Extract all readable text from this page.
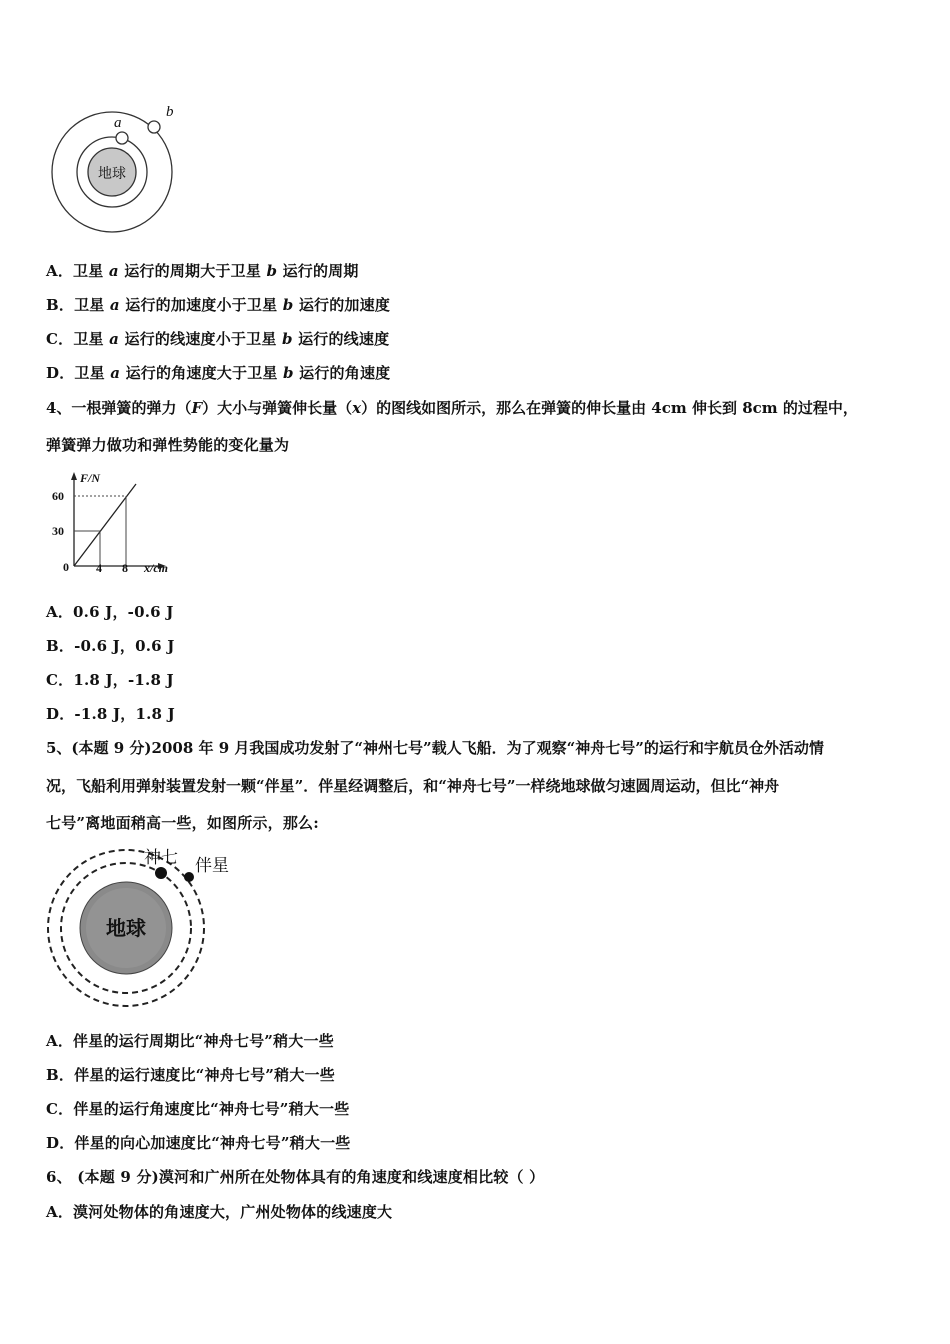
地球
a
b
A．卫星 a 运行的周期大于卫星 b 运行的周期
B．卫星 a 运行的加速度小于卫星 b 运行的加速度
C．卫星 a 运行的线速度小于卫星 b 运行的线速度
D．卫星 a 运行的角速度大于卫星 b 运行的角速度
4、一根弹簧的弹力（F）大小与弹簧伸长量（x）的图线如图所示，那么在弹簧的伸长量由 4cm 伸长到 8cm 的过程中，
弹簧弹力做功和弹性势能的变化量为
F/N
60
30
0 4 8 x/cm
A．0.6 J，-0.6 J
B．-0.6 J，0.6 J
C．1.8 J，-1.8 J
D．-1.8 J，1.8 J
5、(本题 9 分)2008 年 9 月我国成功发射了“神州七号”载人飞船．为了观察“神舟七号”的运行和宇航员仓外活动情
况，飞船利用弹射装置发射一颗“伴星”．伴星经调整后，和“神舟七号”一样绕地球做匀速圆周运动，但比“神舟
七号”离地面稍高一些，如图所示，那么:
地球
神七 伴星
A．伴星的运行周期比“神舟七号”稍大一些
B．伴星的运行速度比“神舟七号”稍大一些
C．伴星的运行角速度比“神舟七号”稍大一些
D．伴星的向心加速度比“神舟七号”稍大一些
6、 (本题 9 分)漠河和广州所在处物体具有的角速度和线速度相比较（ ）
A．漠河处物体的角速度大，广州处物体的线速度大
